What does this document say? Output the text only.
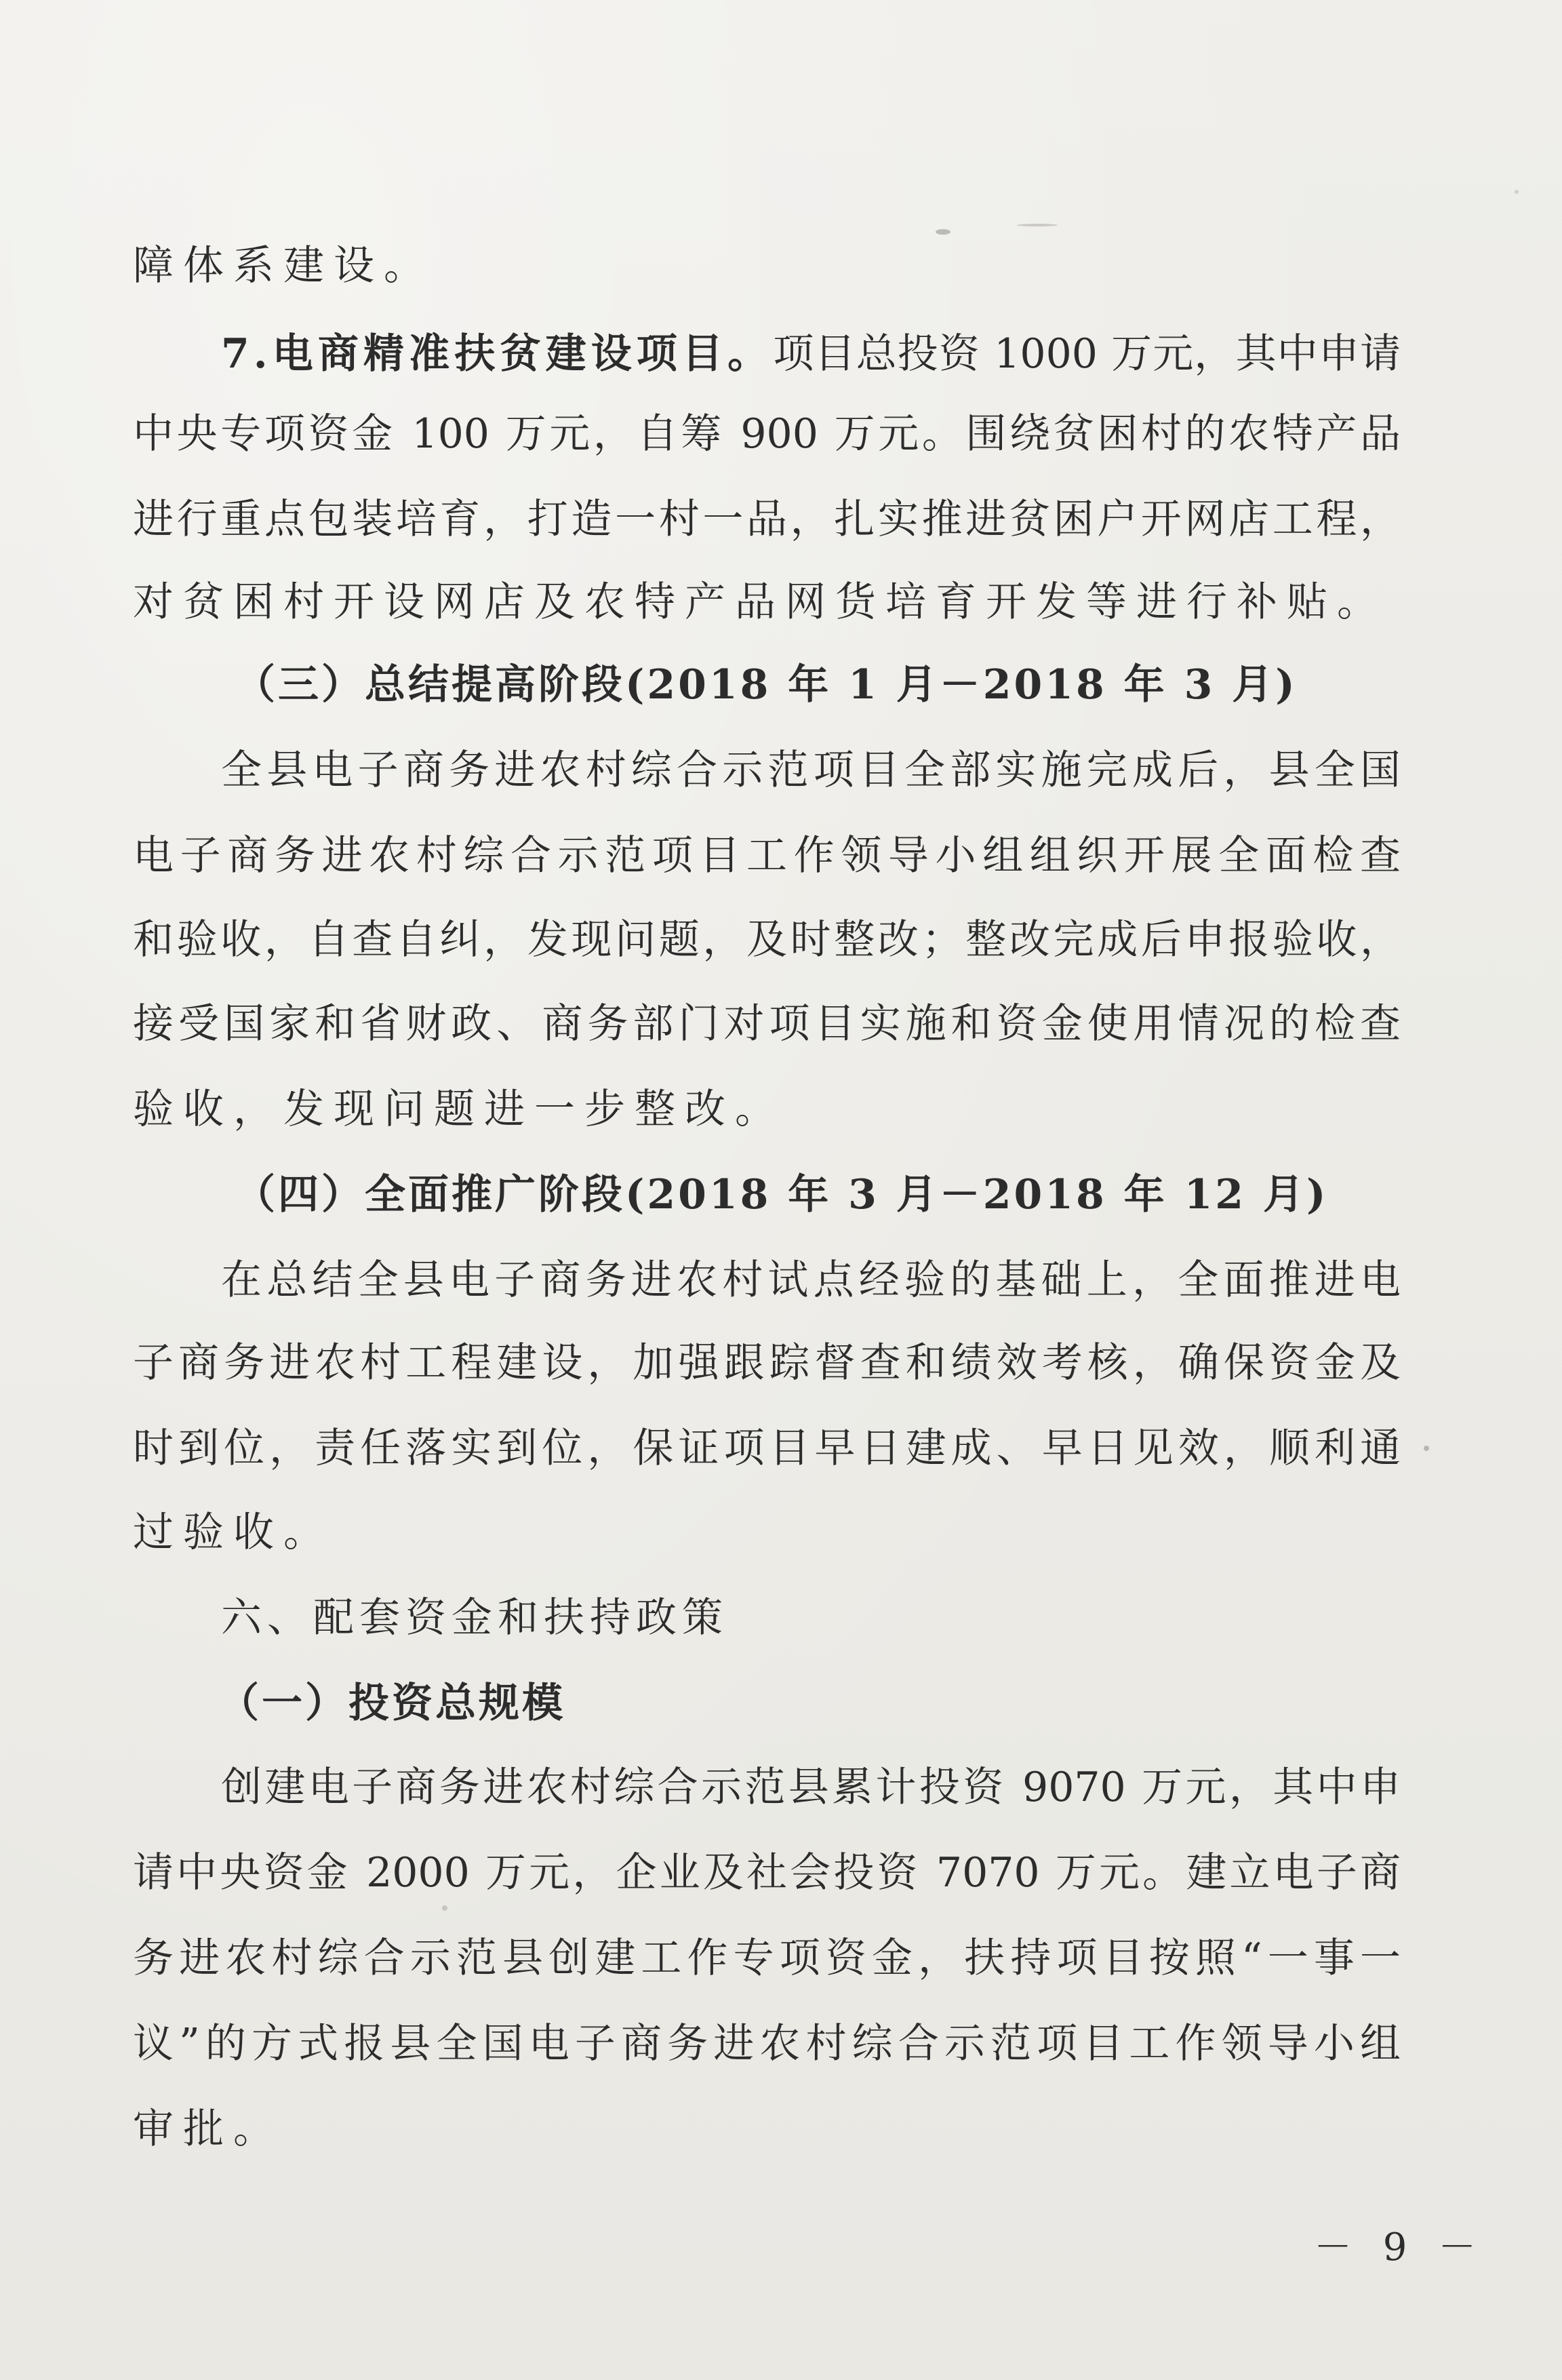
障体系建设。
7.电商精准扶贫建设项目。项目总投资 1000 万元，其中申请
中央专项资金 100 万元，自筹 900 万元。围绕贫困村的农特产品
进行重点包装培育，打造一村一品，扎实推进贫困户开网店工程，
对贫困村开设网店及农特产品网货培育开发等进行补贴。
（三）总结提高阶段(2018 年 1 月－2018 年 3 月)
全县电子商务进农村综合示范项目全部实施完成后，县全国
电子商务进农村综合示范项目工作领导小组组织开展全面检查
和验收，自查自纠，发现问题，及时整改；整改完成后申报验收，
接受国家和省财政、商务部门对项目实施和资金使用情况的检查
验收，发现问题进一步整改。
（四）全面推广阶段(2018 年 3 月－2018 年 12 月)
在总结全县电子商务进农村试点经验的基础上，全面推进电
子商务进农村工程建设，加强跟踪督查和绩效考核，确保资金及
时到位，责任落实到位，保证项目早日建成、早日见效，顺利通
过验收。
六、配套资金和扶持政策
（一）投资总规模
创建电子商务进农村综合示范县累计投资 9070 万元，其中申
请中央资金 2000 万元，企业及社会投资 7070 万元。建立电子商
务进农村综合示范县创建工作专项资金，扶持项目按照“一事一
议”的方式报县全国电子商务进农村综合示范项目工作领导小组
审批。
－ 9 －
